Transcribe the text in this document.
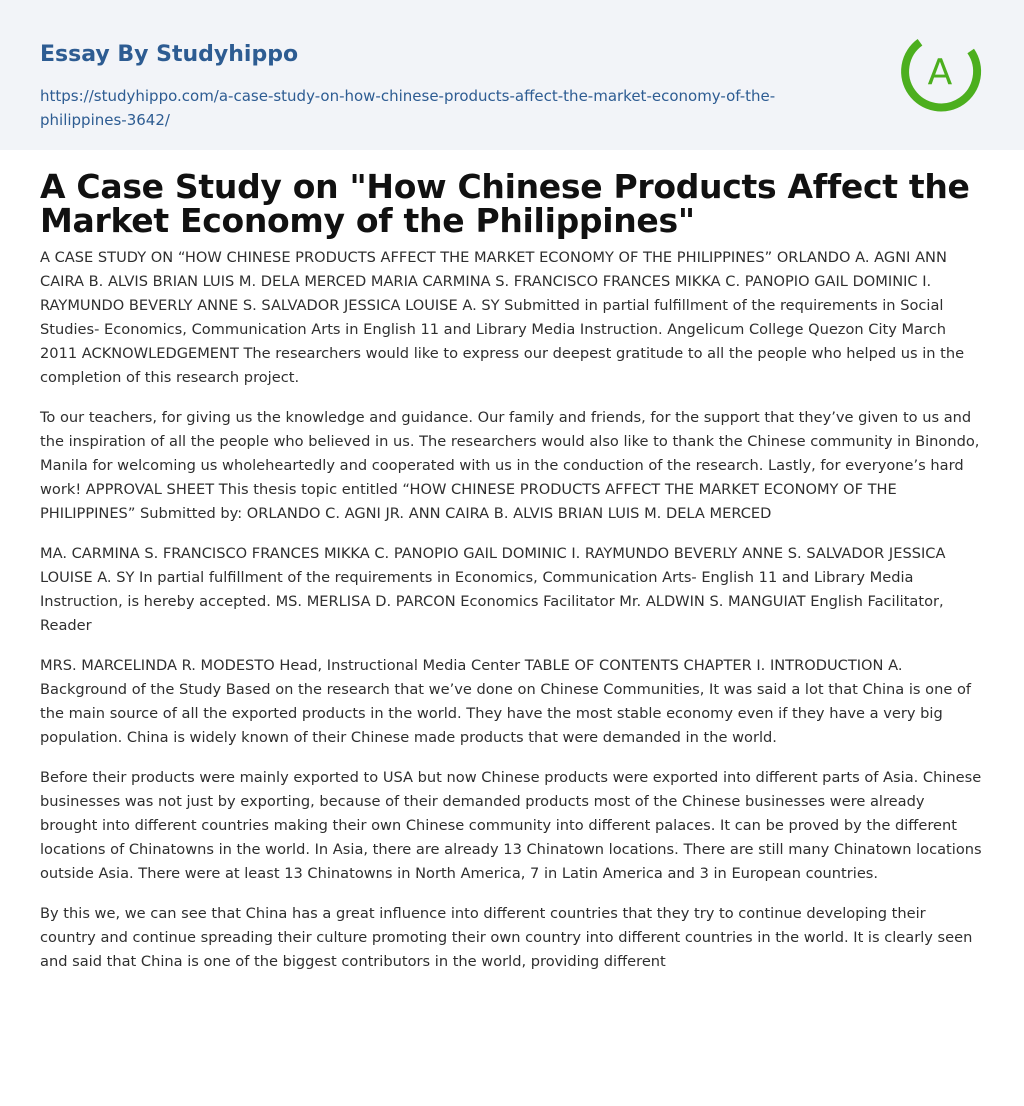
Essay By Studyhippo
https://studyhippo.com/a-case-study-on-how-chinese-products-affect-the-market-economy-of-the-philippines-3642/
A
A Case Study on "How Chinese Products Affect the Market Economy of the Philippines"

A CASE STUDY ON “HOW CHINESE PRODUCTS AFFECT THE MARKET ECONOMY OF THE PHILIPPINES” ORLANDO A. AGNI ANN CAIRA B. ALVIS BRIAN LUIS M. DELA MERCED MARIA CARMINA S. FRANCISCO FRANCES MIKKA C. PANOPIO GAIL DOMINIC I. RAYMUNDO BEVERLY ANNE S. SALVADOR JESSICA LOUISE A. SY Submitted in partial fulfillment of the requirements in Social Studies- Economics, Communication Arts in English 11 and Library Media Instruction. Angelicum College Quezon City March 2011 ACKNOWLEDGEMENT The researchers would like to express our deepest gratitude to all the people who helped us in the completion of this research project.

To our teachers, for giving us the knowledge and guidance. Our family and friends, for the support that they’ve given to us and the inspiration of all the people who believed in us. The researchers would also like to thank the Chinese community in Binondo, Manila for welcoming us wholeheartedly and cooperated with us in the conduction of the research. Lastly, for everyone’s hard work! APPROVAL SHEET This thesis topic entitled “HOW CHINESE PRODUCTS AFFECT THE MARKET ECONOMY OF THE PHILIPPINES” Submitted by: ORLANDO C. AGNI JR. ANN CAIRA B. ALVIS BRIAN LUIS M. DELA MERCED

MA. CARMINA S. FRANCISCO FRANCES MIKKA C. PANOPIO GAIL DOMINIC I. RAYMUNDO BEVERLY ANNE S. SALVADOR JESSICA LOUISE A. SY In partial fulfillment of the requirements in Economics, Communication Arts- English 11 and Library Media Instruction, is hereby accepted. MS. MERLISA D. PARCON Economics Facilitator Mr. ALDWIN S. MANGUIAT English Facilitator, Reader

MRS. MARCELINDA R. MODESTO Head, Instructional Media Center TABLE OF CONTENTS CHAPTER I. INTRODUCTION A. Background of the Study Based on the research that we’ve done on Chinese Communities, It was said a lot that China is one of the main source of all the exported products in the world. They have the most stable economy even if they have a very big population. China is widely known of their Chinese made products that were demanded in the world.

Before their products were mainly exported to USA but now Chinese products were exported into different parts of Asia. Chinese businesses was not just by exporting, because of their demanded products most of the Chinese businesses were already brought into different countries making their own Chinese community into different palaces. It can be proved by the different locations of Chinatowns in the world. In Asia, there are already 13 Chinatown locations. There are still many Chinatown locations outside Asia. There were at least 13 Chinatowns in North America, 7 in Latin America and 3 in European countries.

By this we, we can see that China has a great influence into different countries that they try to continue developing their country and continue spreading their culture promoting their own country into different countries in the world. It is clearly seen and said that China is one of the biggest contributors in the world, providing different
